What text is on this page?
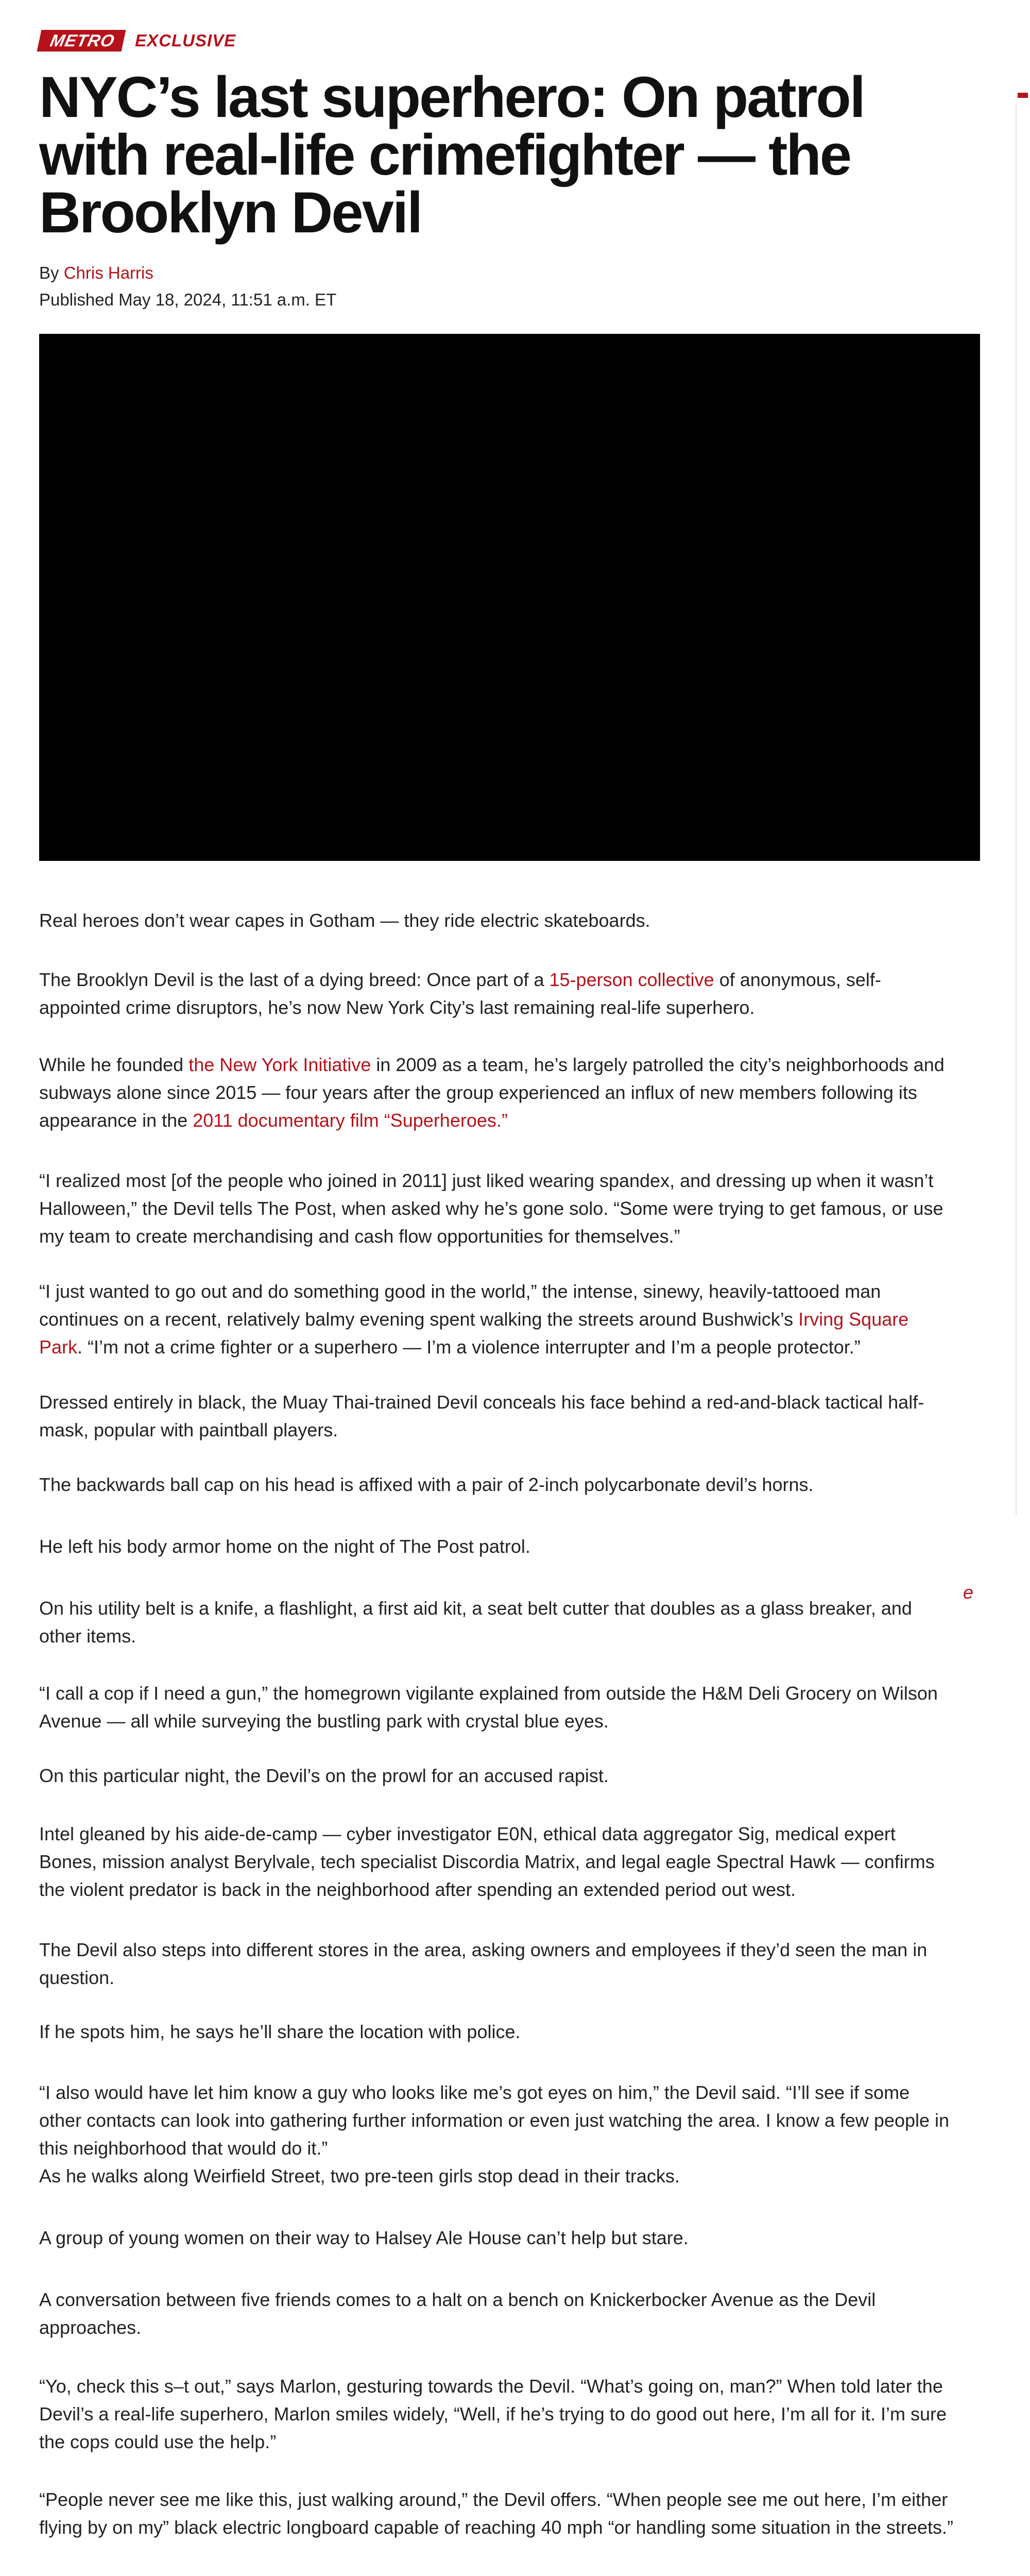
e
METRO	EXCLUSIVE
NYC’s last superhero: On patrol with real-life crimefighter — the Brooklyn Devil
By Chris Harris
Published May 18, 2024, 11:51 a.m. ET

Real heroes don’t wear capes in Gotham — they ride electric skateboards.

The Brooklyn Devil is the last of a dying breed: Once part of a 15-person collective of anonymous, self-appointed crime disruptors, he’s now New York City’s last remaining real-life superhero.

While he founded the New York Initiative in 2009 as a team, he’s largely patrolled the city’s neighborhoods and subways alone since 2015 — four years after the group experienced an influx of new members following its appearance in the 2011 documentary film “Superheroes.”

“I realized most [of the people who joined in 2011] just liked wearing spandex, and dressing up when it wasn’t Halloween,” the Devil tells The Post, when asked why he’s gone solo. “Some were trying to get famous, or use my team to create merchandising and cash flow opportunities for themselves.”

“I just wanted to go out and do something good in the world,” the intense, sinewy, heavily-tattooed man continues on a recent, relatively balmy evening spent walking the streets around Bushwick’s Irving Square Park. “I’m not a crime fighter or a superhero — I’m a violence interrupter and I’m a people protector.”

Dressed entirely in black, the Muay Thai-trained Devil conceals his face behind a red-and-black tactical half-mask, popular with paintball players.

The backwards ball cap on his head is affixed with a pair of 2-inch polycarbonate devil’s horns.

He left his body armor home on the night of The Post patrol.

On his utility belt is a knife, a flashlight, a first aid kit, a seat belt cutter that doubles as a glass breaker, and other items.

“I call a cop if I need a gun,” the homegrown vigilante explained from outside the H&M Deli Grocery on Wilson Avenue — all while surveying the bustling park with crystal blue eyes.

On this particular night, the Devil’s on the prowl for an accused rapist.

Intel gleaned by his aide-de-camp — cyber investigator E0N, ethical data aggregator Sig, medical expert Bones, mission analyst Berylvale, tech specialist Discordia Matrix, and legal eagle Spectral Hawk — confirms the violent predator is back in the neighborhood after spending an extended period out west.

The Devil also steps into different stores in the area, asking owners and employees if they’d seen the man in question.

If he spots him, he says he’ll share the location with police.

“I also would have let him know a guy who looks like me’s got eyes on him,” the Devil said. “I’ll see if some other contacts can look into gathering further information or even just watching the area. I know a few people in this neighborhood that would do it.”

As he walks along Weirfield Street, two pre-teen girls stop dead in their tracks.

A group of young women on their way to Halsey Ale House can’t help but stare.

A conversation between five friends comes to a halt on a bench on Knickerbocker Avenue as the Devil approaches.

“Yo, check this s–t out,” says Marlon, gesturing towards the Devil. “What’s going on, man?” When told later the Devil’s a real-life superhero, Marlon smiles widely, “Well, if he’s trying to do good out here, I’m all for it. I’m sure the cops could use the help.”

“People never see me like this, just walking around,” the Devil offers. “When people see me out here, I’m either flying by on my” black electric longboard capable of reaching 40 mph “or handling some situation in the streets.”
